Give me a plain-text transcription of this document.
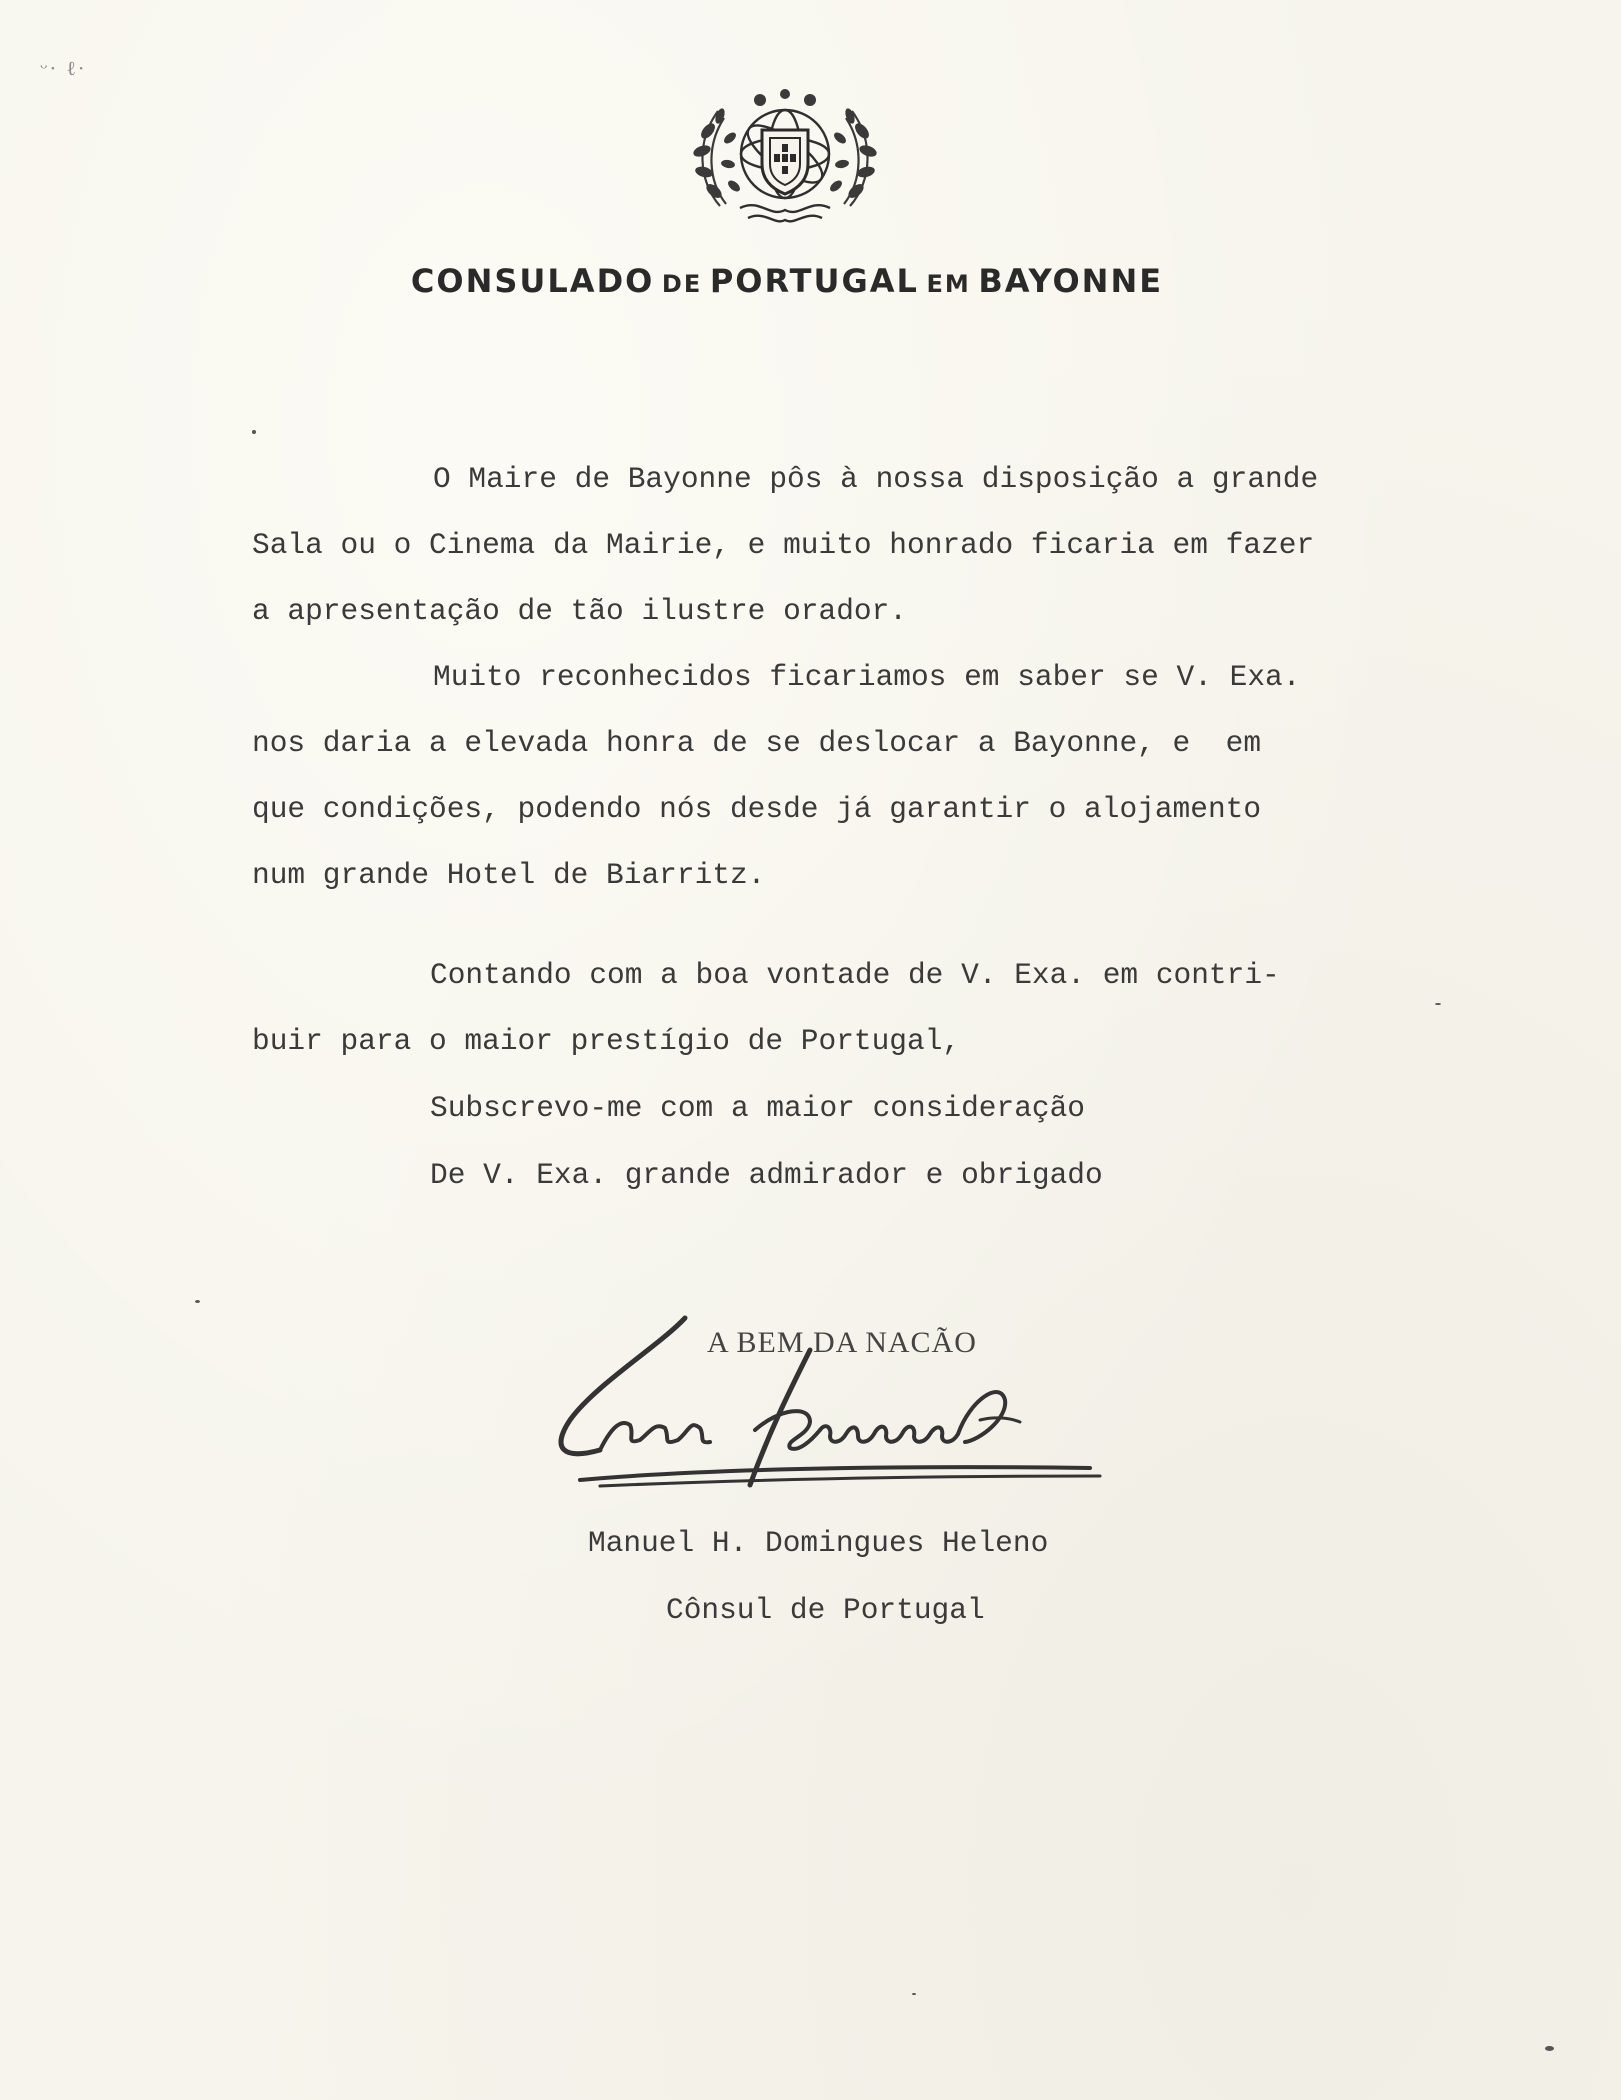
ᵕ· ℓ·
CONSULADO DE PORTUGAL EM BAYONNE
O Maire de Bayonne pôs à nossa disposição a grande
Sala ou o Cinema da Mairie, e muito honrado ficaria em fazer
a apresentação de tão ilustre orador.
Muito reconhecidos ficariamos em saber se V. Exa.
nos daria a elevada honra de se deslocar a Bayonne, e  em
que condições, podendo nós desde já garantir o alojamento
num grande Hotel de Biarritz.
Contando com a boa vontade de V. Exa. em contri-
buir para o maior prestígio de Portugal,
Subscrevo-me com a maior consideração
De V. Exa. grande admirador e obrigado
A BEM DA NACÃO
Manuel H. Domingues Heleno
Cônsul de Portugal
